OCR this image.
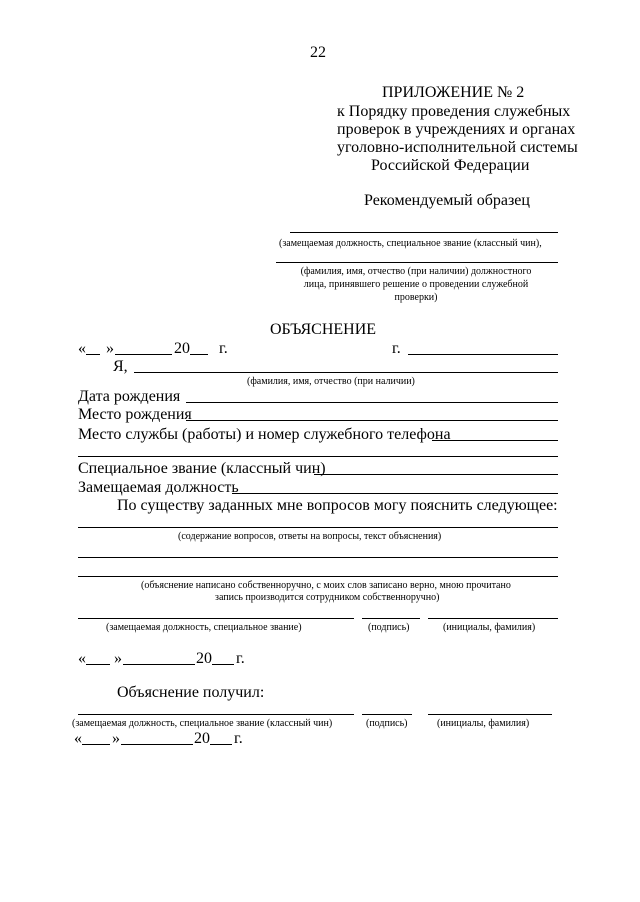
22
ПРИЛОЖЕНИЕ № 2
к Порядку проведения служебных
проверок в учреждениях и органах
уголовно-исполнительной системы
Российской Федерации
Рекомендуемый образец
(замещаемая должность, специальное звание (классный чин),
(фамилия, имя, отчество (при наличии) должностного
лица, принявшего решение о проведении служебной
проверки)
ОБЪЯСНЕНИЕ
« »	20 г.	г.
Я,
(фамилия, имя, отчество (при наличии)
Дата рождения
Место рождения
Место службы (работы) и номер служебного телефона
Специальное звание (классный чин)
Замещаемая должность
По существу заданных мне вопросов могу пояснить следующее:
(содержание вопросов, ответы на вопросы, текст объяснения)
(объяснение написано собственноручно, с моих слов записано верно, мною прочитано
запись производится сотрудником собственноручно)
(замещаемая должность, специальное звание)	(подпись)	(инициалы, фамилия)
« »	20 г.
Объяснение получил:
(замещаемая должность, специальное звание (классный чин)	(подпись)	(инициалы, фамилия)
« »	20 г.
